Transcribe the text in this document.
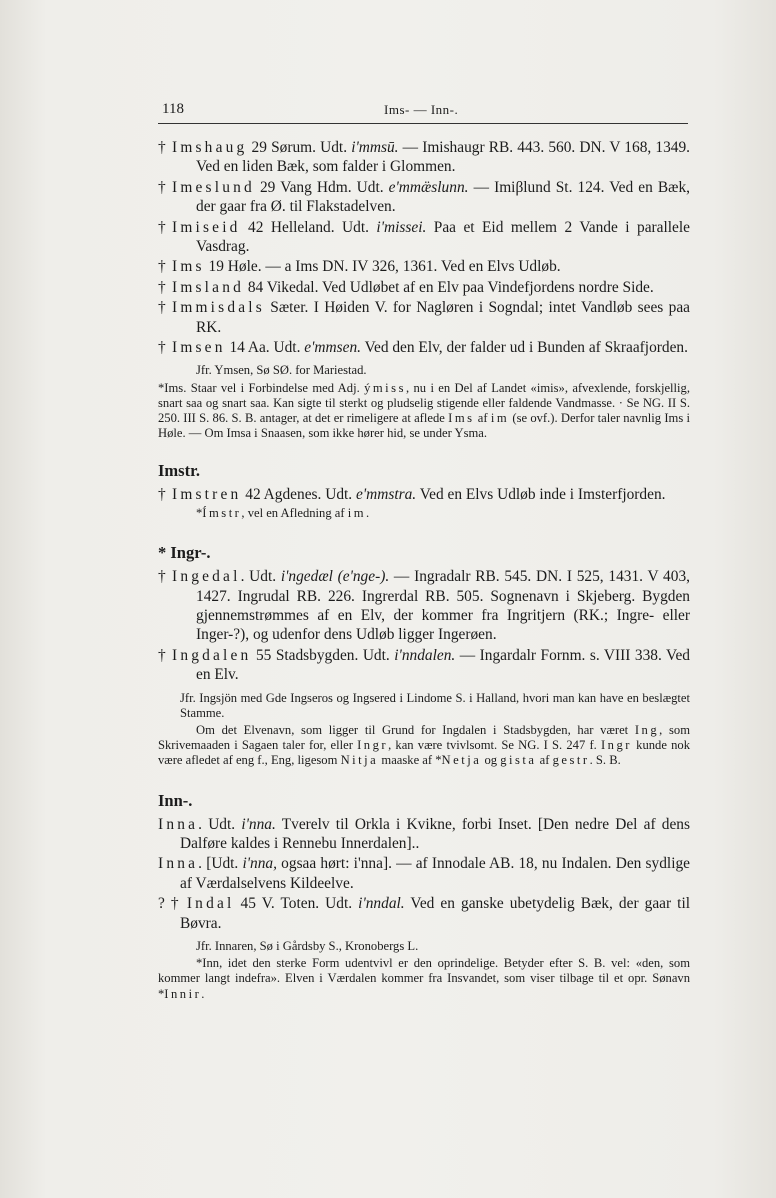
118	Ims- — Inn-.

† Imshaug 29 Sørum. Udt. i'mmsū. — Imishaugr RB. 443. 560. DN. V 168, 1349. Ved en liden Bæk, som falder i Glommen.

† Imeslund 29 Vang Hdm. Udt. e'mmæ̈slunn. — Imiβlund St. 124. Ved en Bæk, der gaar fra Ø. til Flakstadelven.

† Imiseid 42 Helleland. Udt. i'missei. Paa et Eid mellem 2 Vande i parallele Vasdrag.

† Ims 19 Høle. — a Ims DN. IV 326, 1361. Ved en Elvs Udløb.

† Imsland 84 Vikedal. Ved Udløbet af en Elv paa Vindefjordens nordre Side.

† Immisdals Sæter. I Høiden V. for Nagløren i Sogndal; intet Vandløb sees paa RK.

† Imsen 14 Aa. Udt. e'mmsen. Ved den Elv, der falder ud i Bunden af Skraafjorden.

Jfr. Ymsen, Sø SØ. for Mariestad.

*Ims. Staar vel i Forbindelse med Adj. ýmiss, nu i en Del af Landet «imis», afvexlende, forskjellig, snart saa og snart saa. Kan sigte til sterkt og pludselig stigende eller faldende Vandmasse. · Se NG. II S. 250. III S. 86. S. B. antager, at det er rimeligere at aflede Ims af im (se ovf.). Derfor taler navnlig Ims i Høle. — Om Imsa i Snaasen, som ikke hører hid, se under Ysma.

Imstr.

† Imstren 42 Agdenes. Udt. e'mmstra. Ved en Elvs Udløb inde i Imsterfjorden.

*Ímstr, vel en Afledning af im.

* Ingr-.

† Ingedal. Udt. i'ngedæl (e'nge-). — Ingradalr RB. 545. DN. I 525, 1431. V 403, 1427. Ingrudal RB. 226. Ingrerdal RB. 505. Sognenavn i Skjeberg. Bygden gjennemstrømmes af en Elv, der kommer fra Ingritjern (RK.; Ingre- eller Inger-?), og udenfor dens Udløb ligger Ingerøen.

† Ingdalen 55 Stadsbygden. Udt. i'nndalen. — Ingardalr Fornm. s. VIII 338. Ved en Elv.

Jfr. Ingsjön med Gde Ingseros og Ingsered i Lindome S. i Halland, hvori man kan have en beslægtet Stamme.

Om det Elvenavn, som ligger til Grund for Ingdalen i Stadsbygden, har været Ing, som Skrivemaaden i Sagaen taler for, eller Ingr, kan være tvivlsomt. Se NG. I S. 247 f. Ingr kunde nok være afledet af eng f., Eng, ligesom Nitja maaske af *Netja og gista af gestr. S. B.

Inn-.

Inna. Udt. i'nna. Tverelv til Orkla i Kvikne, forbi Inset. [Den nedre Del af dens Dalføre kaldes i Rennebu Innerdalen]..

Inna. [Udt. i'nna, ogsaa hørt: i'nna]. — af Innodale AB. 18, nu Indalen. Den sydlige af Værdalselvens Kildeelve.

? † Indal 45 V. Toten. Udt. i'nndal. Ved en ganske ubetydelig Bæk, der gaar til Bøvra.

Jfr. Innaren, Sø i Gårdsby S., Kronobergs L.

*Inn, idet den sterke Form udentvivl er den oprindelige. Betyder efter S. B. vel: «den, som kommer langt indefra». Elven i Værdalen kommer fra Insvandet, som viser tilbage til et opr. Sønavn *Innir.
